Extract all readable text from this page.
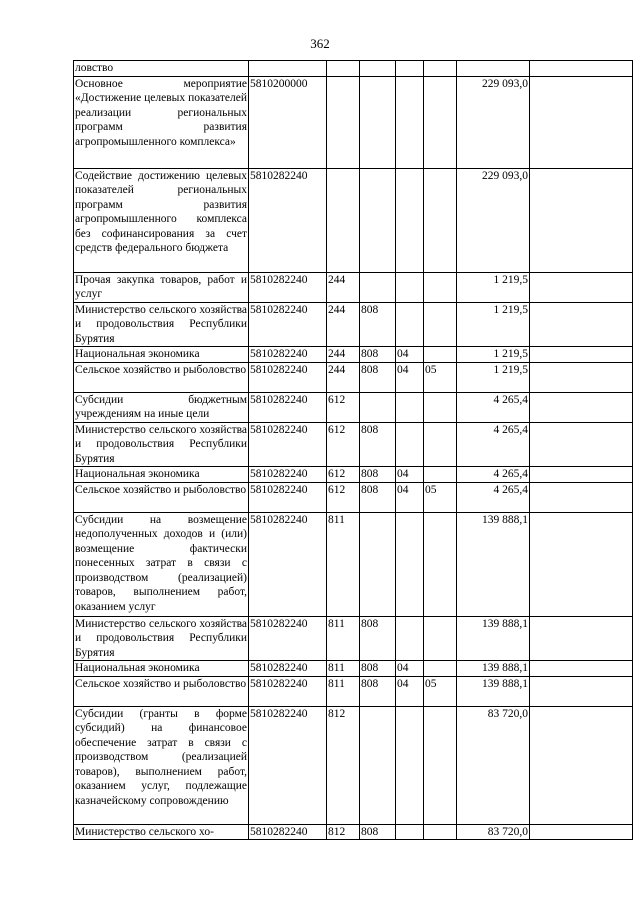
362
ловство							
Основное мероприятие «Достижение целевых показателей реализации региональных программ развития агропромышленного комплекса»	5810200000					229 093,0	
Содействие достижению целевых показателей региональных программ развития агропромышленного комплекса без софинансирования за счет средств федерального бюджета	5810282240					229 093,0	
Прочая закупка товаров, работ и услуг	5810282240	244				1 219,5	
Министерство сельского хозяйства и продовольствия Республики Бурятия	5810282240	244	808			1 219,5	
Национальная экономика	5810282240	244	808	04		1 219,5	
Сельское хозяйство и рыболовство	5810282240	244	808	04	05	1 219,5	
Субсидии бюджетным учреждениям на иные цели	5810282240	612				4 265,4	
Министерство сельского хозяйства и продовольствия Республики Бурятия	5810282240	612	808			4 265,4	
Национальная экономика	5810282240	612	808	04		4 265,4	
Сельское хозяйство и рыболовство	5810282240	612	808	04	05	4 265,4	
Субсидии на возмещение недополученных доходов и (или) возмещение фактически понесенных затрат в связи с производством (реализацией) товаров, выполнением работ, оказанием услуг	5810282240	811				139 888,1	
Министерство сельского хозяйства и продовольствия Республики Бурятия	5810282240	811	808			139 888,1	
Национальная экономика	5810282240	811	808	04		139 888,1	
Сельское хозяйство и рыболовство	5810282240	811	808	04	05	139 888,1	
Субсидии (гранты в форме субсидий) на финансовое обеспечение затрат в связи с производством (реализацией товаров), выполнением работ, оказанием услуг, подлежащие казначейскому сопровождению	5810282240	812				83 720,0	
Министерство сельского хо-	5810282240	812	808			83 720,0	
